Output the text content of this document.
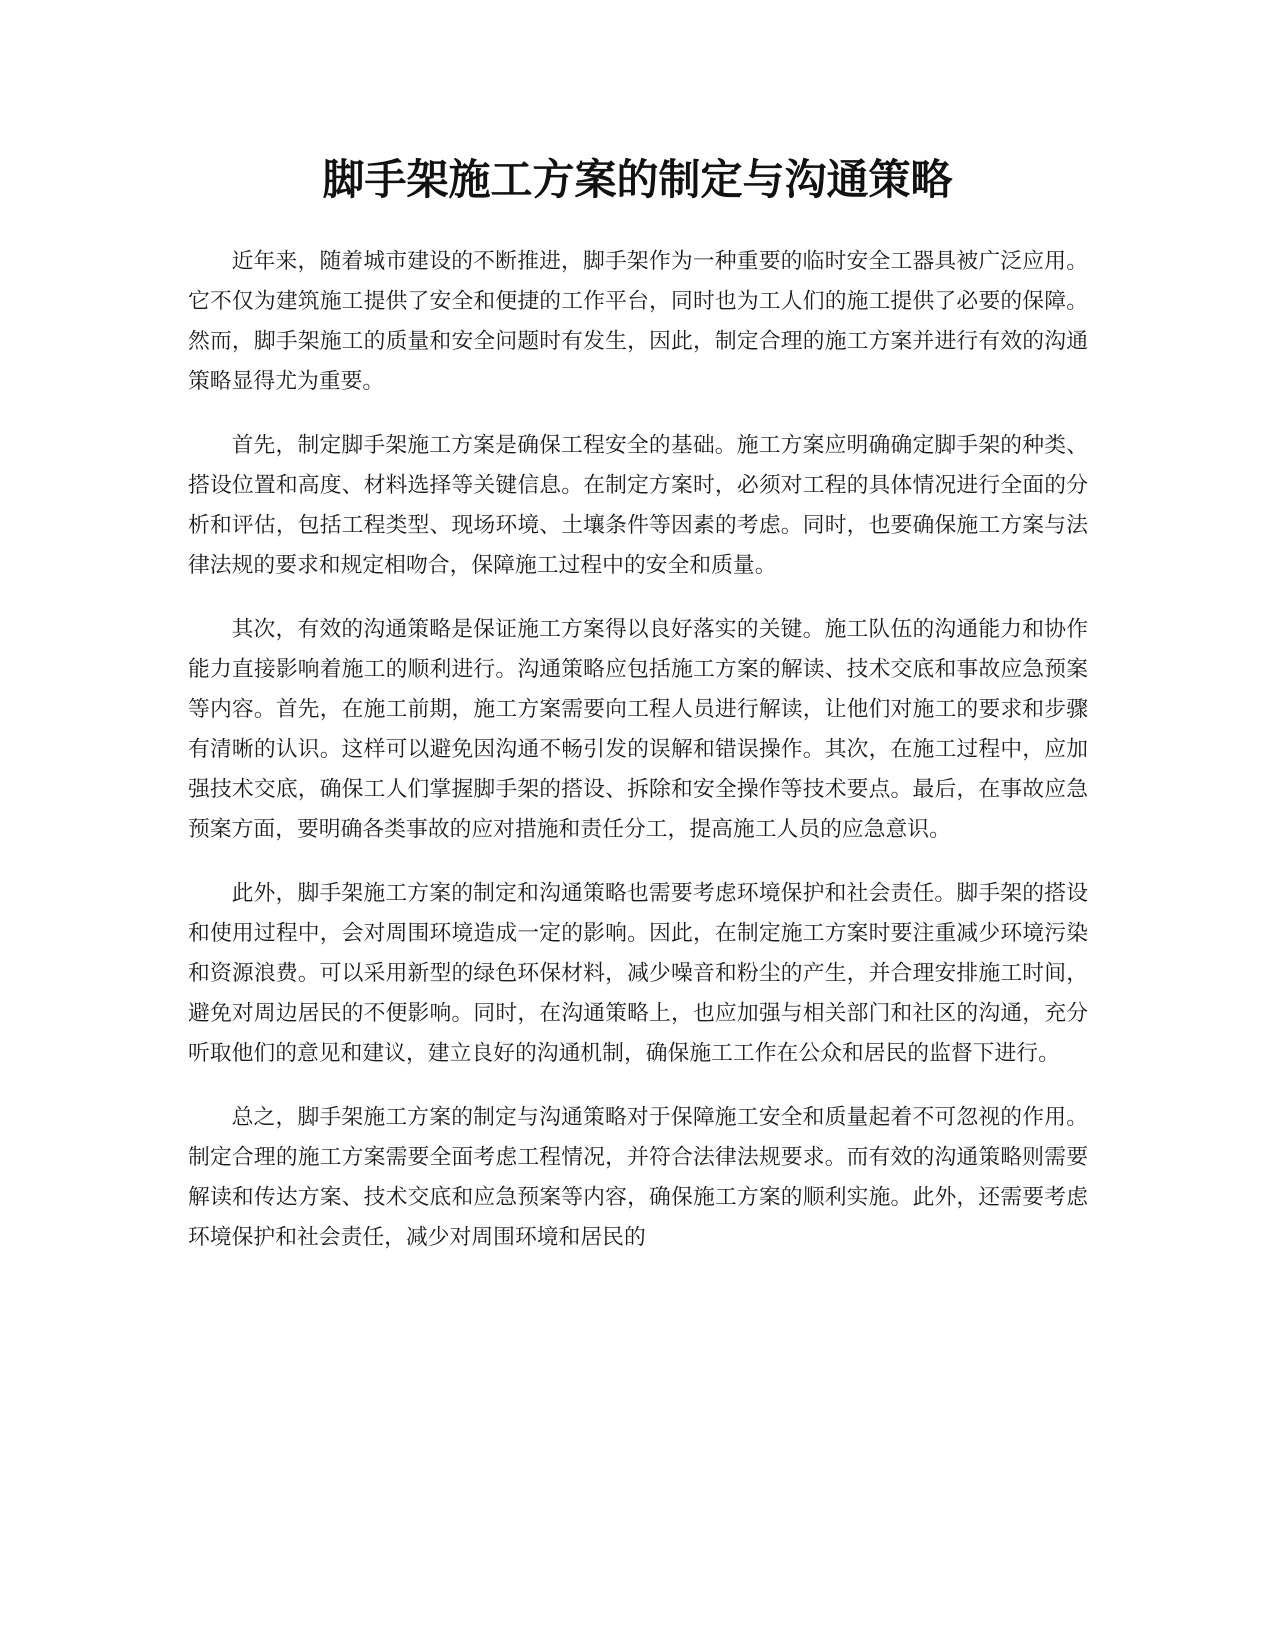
脚手架施工方案的制定与沟通策略

近年来，随着城市建设的不断推进，脚手架作为一种重要的临时安全工器具被广泛应用。它不仅为建筑施工提供了安全和便捷的工作平台，同时也为工人们的施工提供了必要的保障。然而，脚手架施工的质量和安全问题时有发生，因此，制定合理的施工方案并进行有效的沟通策略显得尤为重要。

首先，制定脚手架施工方案是确保工程安全的基础。施工方案应明确确定脚手架的种类、搭设位置和高度、材料选择等关键信息。在制定方案时，必须对工程的具体情况进行全面的分析和评估，包括工程类型、现场环境、土壤条件等因素的考虑。同时，也要确保施工方案与法律法规的要求和规定相吻合，保障施工过程中的安全和质量。

其次，有效的沟通策略是保证施工方案得以良好落实的关键。施工队伍的沟通能力和协作能力直接影响着施工的顺利进行。沟通策略应包括施工方案的解读、技术交底和事故应急预案等内容。首先，在施工前期，施工方案需要向工程人员进行解读，让他们对施工的要求和步骤有清晰的认识。这样可以避免因沟通不畅引发的误解和错误操作。其次，在施工过程中，应加强技术交底，确保工人们掌握脚手架的搭设、拆除和安全操作等技术要点。最后，在事故应急预案方面，要明确各类事故的应对措施和责任分工，提高施工人员的应急意识。

此外，脚手架施工方案的制定和沟通策略也需要考虑环境保护和社会责任。脚手架的搭设和使用过程中，会对周围环境造成一定的影响。因此，在制定施工方案时要注重减少环境污染和资源浪费。可以采用新型的绿色环保材料，减少噪音和粉尘的产生，并合理安排施工时间，避免对周边居民的不便影响。同时，在沟通策略上，也应加强与相关部门和社区的沟通，充分听取他们的意见和建议，建立良好的沟通机制，确保施工工作在公众和居民的监督下进行。

总之，脚手架施工方案的制定与沟通策略对于保障施工安全和质量起着不可忽视的作用。制定合理的施工方案需要全面考虑工程情况，并符合法律法规要求。而有效的沟通策略则需要解读和传达方案、技术交底和应急预案等内容，确保施工方案的顺利实施。此外，还需要考虑环境保护和社会责任，减少对周围环境和居民的
